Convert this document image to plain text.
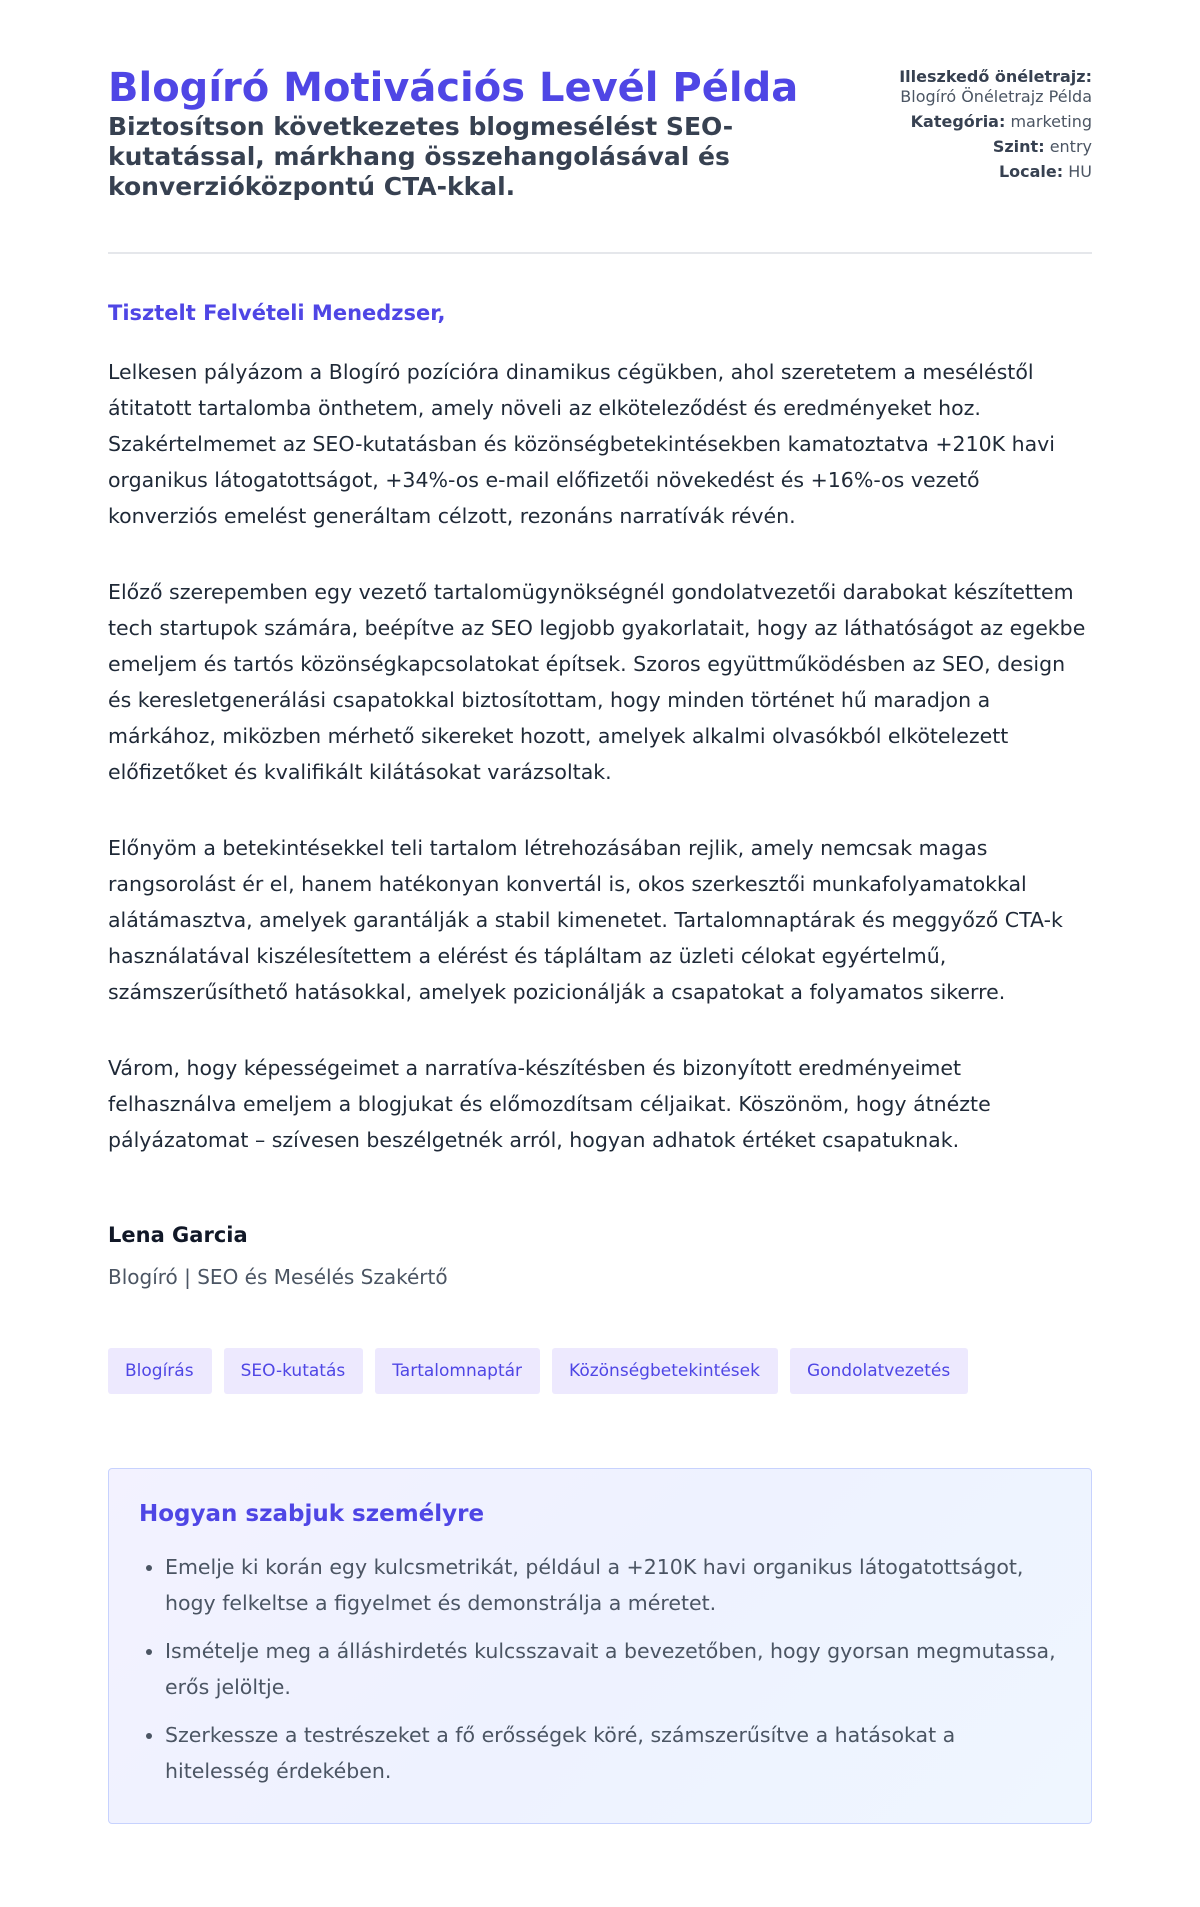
Blogíró Motivációs Levél Példa
Biztosítson következetes blogmesélést SEO-kutatással, márkhang összehangolásával és konverzióközpontú CTA-kkal.
Illeszkedő önéletrajz: Blogíró Önéletrajz Példa
Kategória: marketing
Szint: entry
Locale: HU

Tisztelt Felvételi Menedzser,

Lelkesen pályázom a Blogíró pozícióra dinamikus cégükben, ahol szeretetem a meséléstől átitatott tartalomba önthetem, amely növeli az elköteleződést és eredményeket hoz. Szakértelmemet az SEO-kutatásban és közönségbetekintésekben kamatoztatva +210K havi organikus látogatottságot, +34%-os e-mail előfizetői növekedést és +16%-os vezető konverziós emelést generáltam célzott, rezonáns narratívák révén.

Előző szerepemben egy vezető tartalomügynökségnél gondolatvezetői darabokat készítettem tech startupok számára, beépítve az SEO legjobb gyakorlatait, hogy az láthatóságot az egekbe emeljem és tartós közönségkapcsolatokat építsek. Szoros együttműködésben az SEO, design és keresletgenerálási csapatokkal biztosítottam, hogy minden történet hű maradjon a márkához, miközben mérhető sikereket hozott, amelyek alkalmi olvasókból elkötelezett előfizetőket és kvalifikált kilátásokat varázsoltak.

Előnyöm a betekintésekkel teli tartalom létrehozásában rejlik, amely nemcsak magas rangsorolást ér el, hanem hatékonyan konvertál is, okos szerkesztői munkafolyamatokkal alátámasztva, amelyek garantálják a stabil kimenetet. Tartalomnaptárak és meggyőző CTA-k használatával kiszélesítettem a elérést és tápláltam az üzleti célokat egyértelmű, számszerűsíthető hatásokkal, amelyek pozicionálják a csapatokat a folyamatos sikerre.

Várom, hogy képességeimet a narratíva-készítésben és bizonyított eredményeimet felhasználva emeljem a blogjukat és előmozdítsam céljaikat. Köszönöm, hogy átnézte pályázatomat – szívesen beszélgetnék arról, hogyan adhatok értéket csapatuknak.

Lena Garcia
Blogíró | SEO és Mesélés Szakértő
Blogírás	SEO-kutatás	Tartalomnaptár	Közönségbetekintések	Gondolatvezetés
Hogyan szabjuk személyre
• Emelje ki korán egy kulcsmetrikát, például a +210K havi organikus látogatottságot, hogy felkeltse a figyelmet és demonstrálja a méretet.
• Ismételje meg a álláshirdetés kulcsszavait a bevezetőben, hogy gyorsan megmutassa, erős jelöltje.
• Szerkessze a testrészeket a fő erősségek köré, számszerűsítve a hatásokat a hitelesség érdekében.
